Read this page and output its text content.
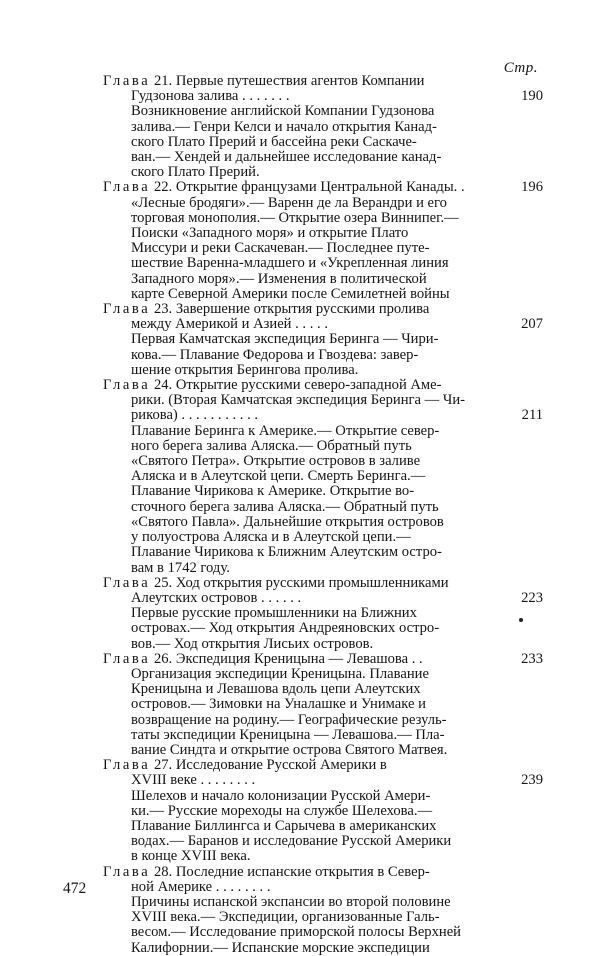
Стр.
Глава 21. Первые путешествия агентов Компании
Гудзонова залива . . . . . . .	190
Возникновение английской Компании Гудзонова
залива.— Генри Келси и начало открытия Канад-
ского Плато Прерий и бассейна реки Саскаче-
ван.— Хендей и дальнейшее исследование канад-
ского Плато Прерий.
Глава 22. Открытие французами Центральной Канады. .	196
«Лесные бродяги».— Варенн де ла Верандри и его
торговая монополия.— Открытие озера Виннипег.—
Поиски «Западного моря» и открытие Плато
Миссури и реки Саскачеван.— Последнее путе-
шествие Варенна-младшего и «Укрепленная линия
Западного моря».— Изменения в политической
карте Северной Америки после Семилетней войны
Глава 23. Завершение открытия русскими пролива
между Америкой и Азией . . . . .	207
Первая Камчатская экспедиция Беринга — Чири-
кова.— Плавание Федорова и Гвоздева: завер-
шение открытия Берингова пролива.
Глава 24. Открытие русскими северо-западной Аме-
рики. (Вторая Камчатская экспедиция Беринга — Чи-
рикова) . . . . . . . . . . .	211
Плавание Беринга к Америке.— Открытие север-
ного берега залива Аляска.— Обратный путь
«Святого Петра». Открытие островов в заливе
Аляска и в Алеутской цепи. Смерть Беринга.—
Плавание Чирикова к Америке. Открытие во-
сточного берега залива Аляска.— Обратный путь
«Святого Павла». Дальнейшие открытия островов
у полуострова Аляска и в Алеутской цепи.—
Плавание Чирикова к Ближним Алеутским остро-
вам в 1742 году.
Глава 25. Ход открытия русскими промышленниками
Алеутских островов . . . . . .	223
Первые русские промышленники на Ближних
островах.— Ход открытия Андреяновских остро-
вов.— Ход открытия Лисьих островов.
Глава 26. Экспедиция Креницына — Левашова . .	233
Организация экспедиции Креницына. Плавание
Креницына и Левашова вдоль цепи Алеутских
островов.— Зимовки на Уналашке и Унимаке и
возвращение на родину.— Географические резуль-
таты экспедиции Креницына — Левашова.— Пла-
вание Синдта и открытие острова Святого Матвея.
Глава 27. Исследование Русской Америки в
XVIII веке . . . . . . . .	239
Шелехов и начало колонизации Русской Амери-
ки.— Русские мореходы на службе Шелехова.—
Плавание Биллингса и Сарычева в американских
водах.— Баранов и исследование Русской Америки
в конце XVIII века.
Глава 28. Последние испанские открытия в Север-
ной Америке . . . . . . . .
Причины испанской экспансии во второй половине
XVIII века.— Экспедиции, организованные Галь-
весом.— Исследование приморской полосы Верхней
Калифорнии.— Испанские морские экспедиции
472
